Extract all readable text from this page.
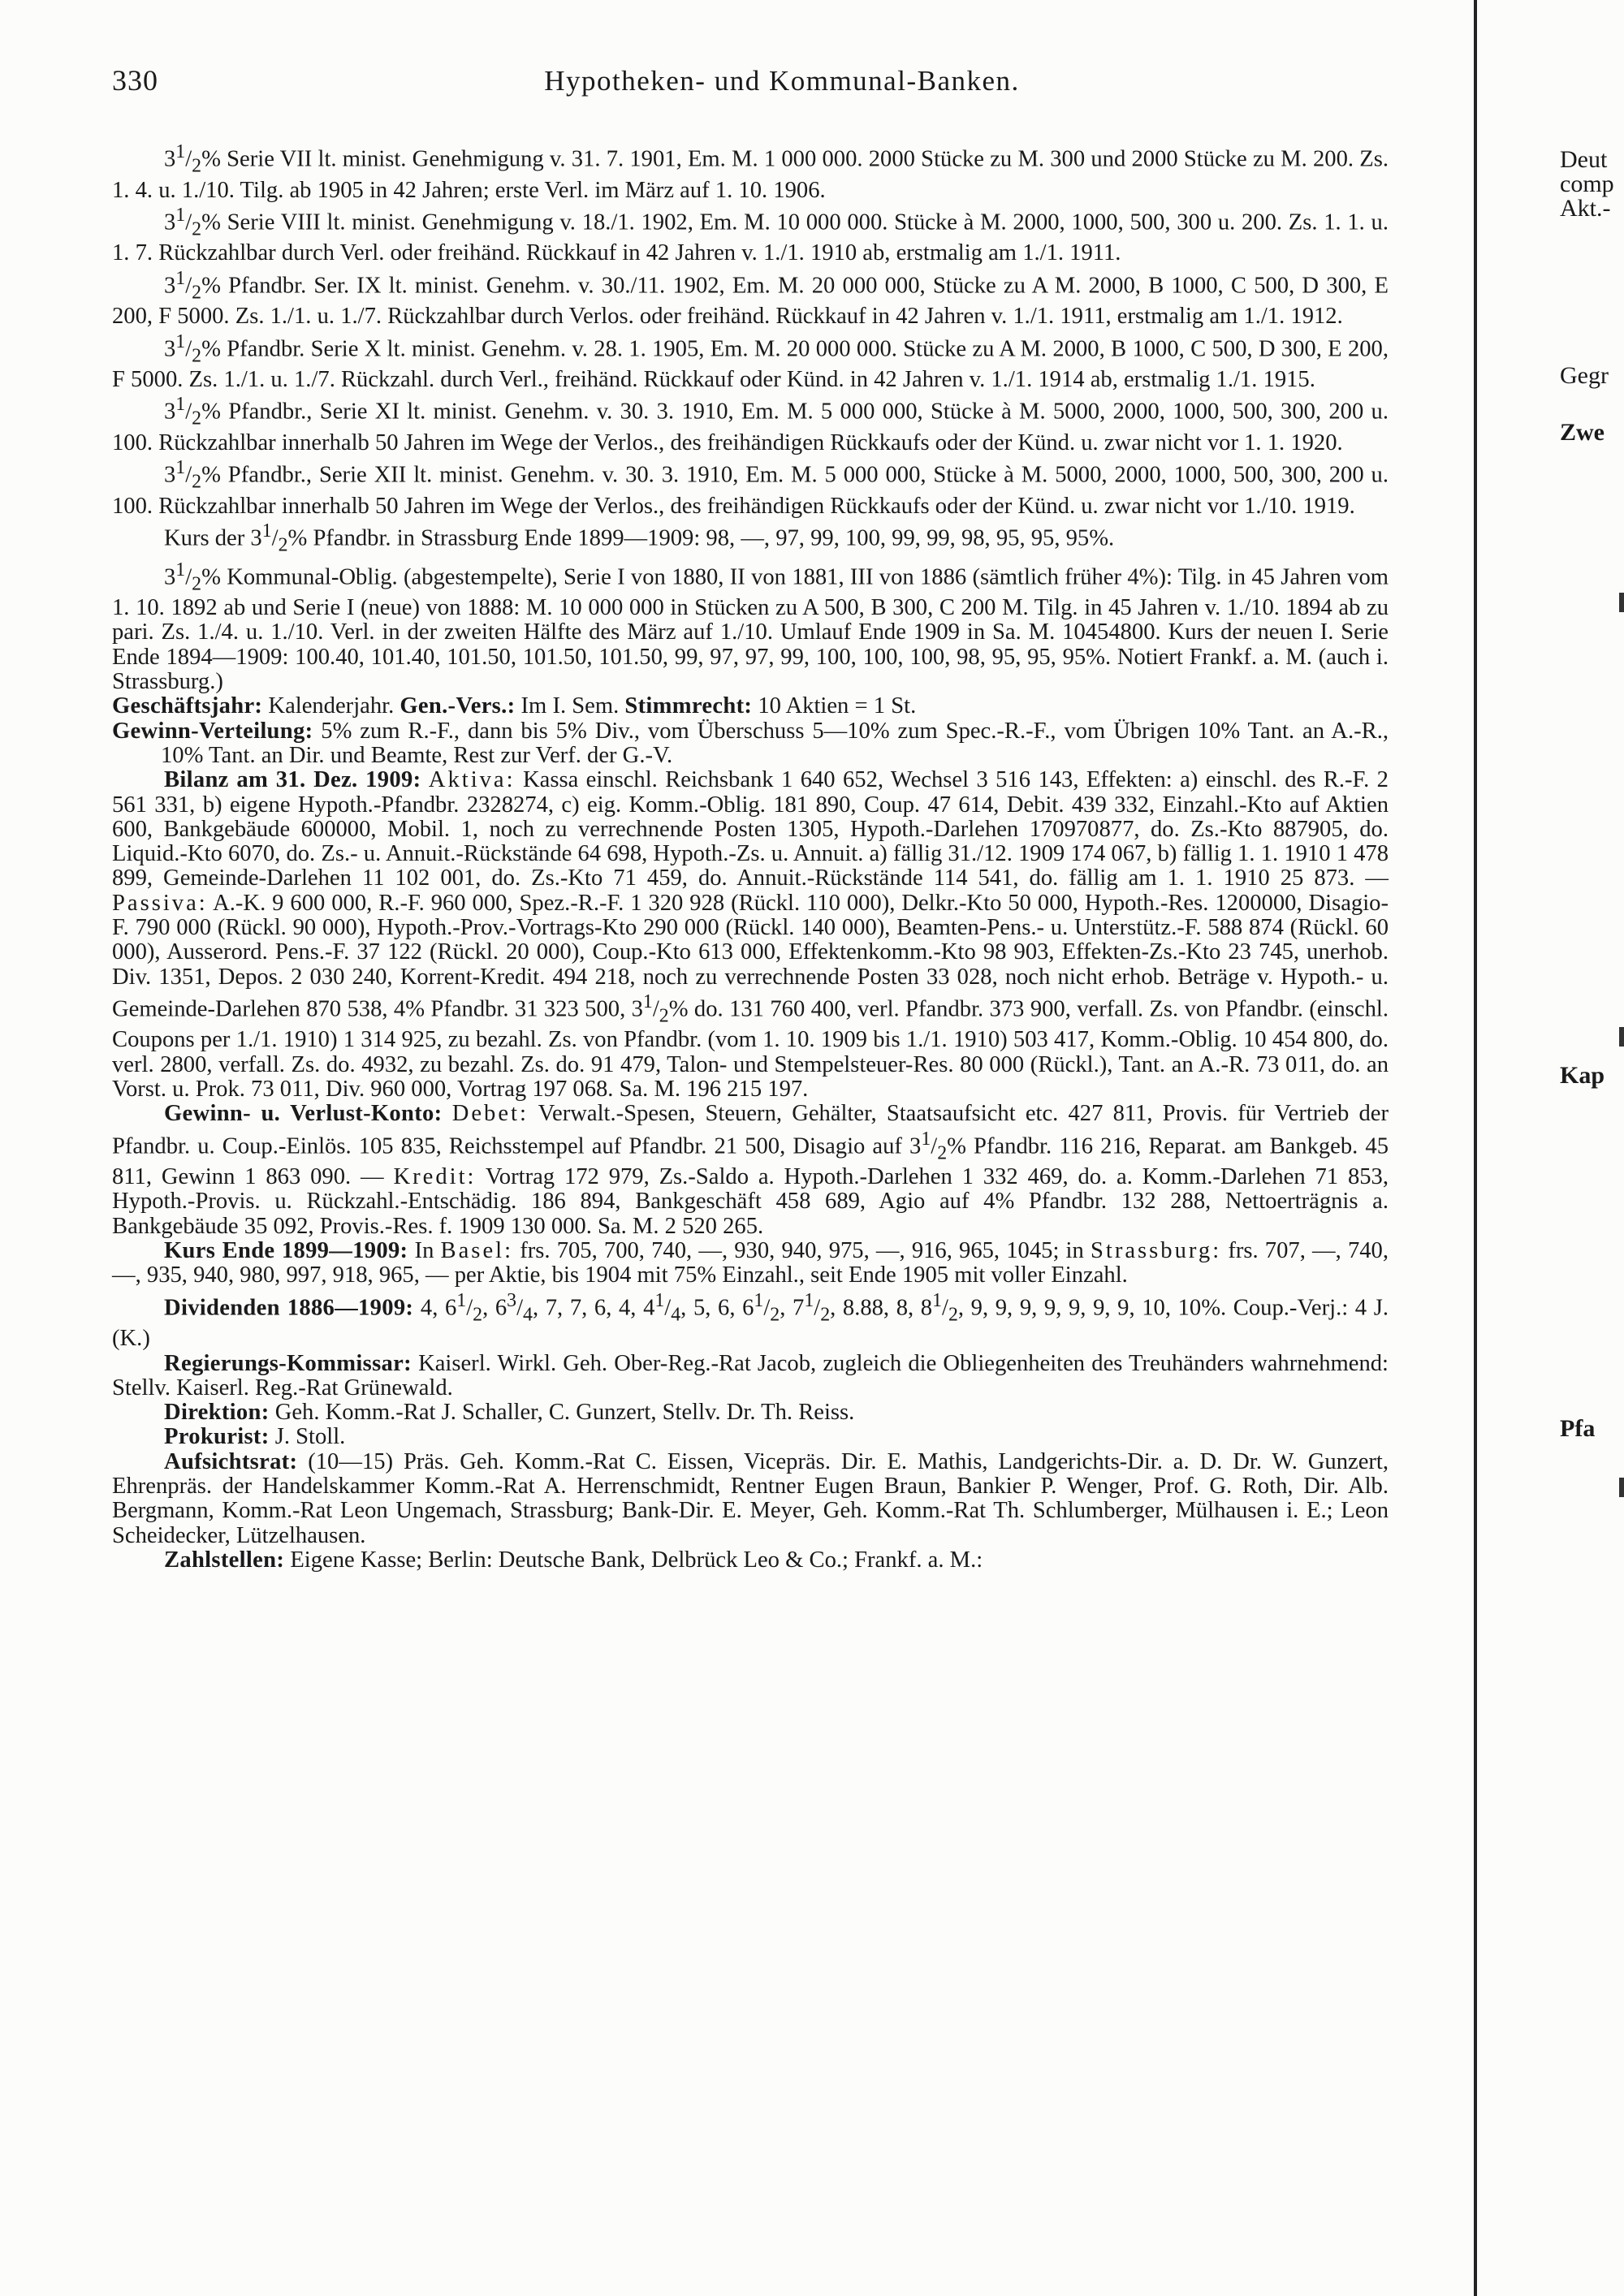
330	Hypotheken- und Kommunal-Banken.

$3^1/_2\%$ Serie VII lt. minist. Genehmigung v. 31. 7. 1901, Em. M. 1 000 000. 2000 Stücke zu M. 300 und 2000 Stücke zu M. 200. Zs. 1. 4. u. 1./10. Tilg. ab 1905 in 42 Jahren; erste Verl. im März auf 1. 10. 1906.

$3^1/_2\%$ Serie VIII lt. minist. Genehmigung v. 18./1. 1902, Em. M. 10 000 000. Stücke à M. 2000, 1000, 500, 300 u. 200. Zs. 1. 1. u. 1. 7. Rückzahlbar durch Verl. oder freihänd. Rückkauf in 42 Jahren v. 1./1. 1910 ab, erstmalig am 1./1. 1911.

$3^1/_2\%$ Pfandbr. Ser. IX lt. minist. Genehm. v. 30./11. 1902, Em. M. 20 000 000, Stücke zu A M. 2000, B 1000, C 500, D 300, E 200, F 5000. Zs. 1./1. u. 1./7. Rückzahlbar durch Verlos. oder freihänd. Rückkauf in 42 Jahren v. 1./1. 1911, erstmalig am 1./1. 1912.

$3^1/_2\%$ Pfandbr. Serie X lt. minist. Genehm. v. 28. 1. 1905, Em. M. 20 000 000. Stücke zu A M. 2000, B 1000, C 500, D 300, E 200, F 5000. Zs. 1./1. u. 1./7. Rückzahl. durch Verl., freihänd. Rückkauf oder Künd. in 42 Jahren v. 1./1. 1914 ab, erstmalig 1./1. 1915.

$3^1/_2\%$ Pfandbr., Serie XI lt. minist. Genehm. v. 30. 3. 1910, Em. M. 5 000 000, Stücke à M. 5000, 2000, 1000, 500, 300, 200 u. 100. Rückzahlbar innerhalb 50 Jahren im Wege der Verlos., des freihändigen Rückkaufs oder der Künd. u. zwar nicht vor 1. 1. 1920.

$3^1/_2\%$ Pfandbr., Serie XII lt. minist. Genehm. v. 30. 3. 1910, Em. M. 5 000 000, Stücke à M. 5000, 2000, 1000, 500, 300, 200 u. 100. Rückzahlbar innerhalb 50 Jahren im Wege der Verlos., des freihändigen Rückkaufs oder der Künd. u. zwar nicht vor 1./10. 1919.

Kurs der $3^1/_2\%$ Pfandbr. in Strassburg Ende 1899—1909: 98, —, 97, 99, 100, 99, 99, 98, 95, 95, 95%.

$3^1/_2\%$ Kommunal-Oblig. (abgestempelte), Serie I von 1880, II von 1881, III von 1886 (sämtlich früher 4%): Tilg. in 45 Jahren vom 1. 10. 1892 ab und Serie I (neue) von 1888: M. 10 000 000 in Stücken zu A 500, B 300, C 200 M. Tilg. in 45 Jahren v. 1./10. 1894 ab zu pari. Zs. 1./4. u. 1./10. Verl. in der zweiten Hälfte des März auf 1./10. Umlauf Ende 1909 in Sa. M. 10454800. Kurs der neuen I. Serie Ende 1894—1909: 100.40, 101.40, 101.50, 101.50, 101.50, 99, 97, 97, 99, 100, 100, 100, 98, 95, 95, 95%. Notiert Frankf. a. M. (auch i. Strassburg.)

Geschäftsjahr: Kalenderjahr. Gen.-Vers.: Im I. Sem. Stimmrecht: 10 Aktien = 1 St.

Gewinn-Verteilung: 5% zum R.-F., dann bis 5% Div., vom Überschuss 5—10% zum Spec.-R.-F., vom Übrigen 10% Tant. an A.-R., 10% Tant. an Dir. und Beamte, Rest zur Verf. der G.-V.

Bilanz am 31. Dez. 1909: Aktiva: Kassa einschl. Reichsbank 1 640 652, Wechsel 3 516 143, Effekten: a) einschl. des R.-F. 2 561 331, b) eigene Hypoth.-Pfandbr. 2328274, c) eig. Komm.-Oblig. 181 890, Coup. 47 614, Debit. 439 332, Einzahl.-Kto auf Aktien 600, Bankgebäude 600000, Mobil. 1, noch zu verrechnende Posten 1305, Hypoth.-Darlehen 170970877, do. Zs.-Kto 887905, do. Liquid.-Kto 6070, do. Zs.- u. Annuit.-Rückstände 64 698, Hypoth.-Zs. u. Annuit. a) fällig 31./12. 1909 174 067, b) fällig 1. 1. 1910 1 478 899, Gemeinde-Darlehen 11 102 001, do. Zs.-Kto 71 459, do. Annuit.-Rückstände 114 541, do. fällig am 1. 1. 1910 25 873. — Passiva: A.-K. 9 600 000, R.-F. 960 000, Spez.-R.-F. 1 320 928 (Rückl. 110 000), Delkr.-Kto 50 000, Hypoth.-Res. 1200000, Disagio-F. 790 000 (Rückl. 90 000), Hypoth.-Prov.-Vortrags-Kto 290 000 (Rückl. 140 000), Beamten-Pens.- u. Unterstütz.-F. 588 874 (Rückl. 60 000), Ausserord. Pens.-F. 37 122 (Rückl. 20 000), Coup.-Kto 613 000, Effektenkomm.-Kto 98 903, Effekten-Zs.-Kto 23 745, unerhob. Div. 1351, Depos. 2 030 240, Korrent-Kredit. 494 218, noch zu verrechnende Posten 33 028, noch nicht erhob. Beträge v. Hypoth.- u. Gemeinde-Darlehen 870 538, 4% Pfandbr. 31 323 500, $3^1/_2\%$ do. 131 760 400, verl. Pfandbr. 373 900, verfall. Zs. von Pfandbr. (einschl. Coupons per 1./1. 1910) 1 314 925, zu bezahl. Zs. von Pfandbr. (vom 1. 10. 1909 bis 1./1. 1910) 503 417, Komm.-Oblig. 10 454 800, do. verl. 2800, verfall. Zs. do. 4932, zu bezahl. Zs. do. 91 479, Talon- und Stempelsteuer-Res. 80 000 (Rückl.), Tant. an A.-R. 73 011, do. an Vorst. u. Prok. 73 011, Div. 960 000, Vortrag 197 068. Sa. M. 196 215 197.

Gewinn- u. Verlust-Konto: Debet: Verwalt.-Spesen, Steuern, Gehälter, Staatsaufsicht etc. 427 811, Provis. für Vertrieb der Pfandbr. u. Coup.-Einlös. 105 835, Reichsstempel auf Pfandbr. 21 500, Disagio auf $3^1/_2\%$ Pfandbr. 116 216, Reparat. am Bankgeb. 45 811, Gewinn 1 863 090. — Kredit: Vortrag 172 979, Zs.-Saldo a. Hypoth.-Darlehen 1 332 469, do. a. Komm.-Darlehen 71 853, Hypoth.-Provis. u. Rückzahl.-Entschädig. 186 894, Bankgeschäft 458 689, Agio auf 4% Pfandbr. 132 288, Nettoerträgnis a. Bankgebäude 35 092, Provis.-Res. f. 1909 130 000. Sa. M. 2 520 265.

Kurs Ende 1899—1909: In Basel: frs. 705, 700, 740, —, 930, 940, 975, —, 916, 965, 1045; in Strassburg: frs. 707, —, 740, —, 935, 940, 980, 997, 918, 965, — per Aktie, bis 1904 mit 75% Einzahl., seit Ende 1905 mit voller Einzahl.

Dividenden 1886—1909: 4, $6^1/_2$, $6^3/_4$, 7, 7, 6, 4, $4^1/_4$, 5, 6, $6^1/_2$, $7^1/_2$, 8.88, 8, $8^1/_2$, 9, 9, 9, 9, 9, 9, 9, 10, 10%. Coup.-Verj.: 4 J. (K.)

Regierungs-Kommissar: Kaiserl. Wirkl. Geh. Ober-Reg.-Rat Jacob, zugleich die Obliegenheiten des Treuhänders wahrnehmend: Stellv. Kaiserl. Reg.-Rat Grünewald.

Direktion: Geh. Komm.-Rat J. Schaller, C. Gunzert, Stellv. Dr. Th. Reiss.

Prokurist: J. Stoll.

Aufsichtsrat: (10—15) Präs. Geh. Komm.-Rat C. Eissen, Vicepräs. Dir. E. Mathis, Landgerichts-Dir. a. D. Dr. W. Gunzert, Ehrenpräs. der Handelskammer Komm.-Rat A. Herrenschmidt, Rentner Eugen Braun, Bankier P. Wenger, Prof. G. Roth, Dir. Alb. Bergmann, Komm.-Rat Leon Ungemach, Strassburg; Bank-Dir. E. Meyer, Geh. Komm.-Rat Th. Schlumberger, Mülhausen i. E.; Leon Scheidecker, Lützelhausen.

Zahlstellen: Eigene Kasse; Berlin: Deutsche Bank, Delbrück Leo & Co.; Frankf. a. M.:

Deut
comp
Akt.-
Gegr
Zwe
Kap
Pfa
